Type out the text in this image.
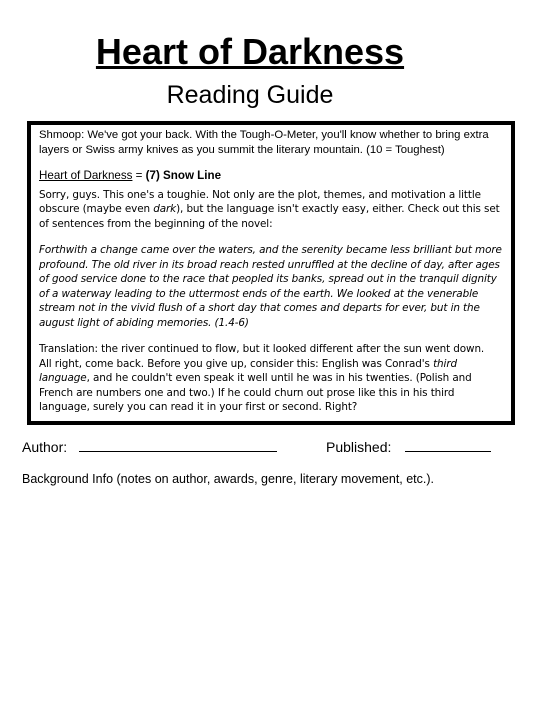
Heart of Darkness
Reading Guide

Shmoop: We've got your back. With the Tough-O-Meter, you'll know whether to bring extra layers or Swiss army knives as you summit the literary mountain. (10 = Toughest)

Heart of Darkness = (7) Snow Line

Sorry, guys. This one's a toughie. Not only are the plot, themes, and motivation a little obscure (maybe even dark), but the language isn't exactly easy, either. Check out this set of sentences from the beginning of the novel:

Forthwith a change came over the waters, and the serenity became less brilliant but more profound. The old river in its broad reach rested unruffled at the decline of day, after ages of good service done to the race that peopled its banks, spread out in the tranquil dignity of a waterway leading to the uttermost ends of the earth. We looked at the venerable stream not in the vivid flush of a short day that comes and departs for ever, but in the august light of abiding memories. (1.4-6)

Translation: the river continued to flow, but it looked different after the sun went down.

All right, come back. Before you give up, consider this: English was Conrad's third language, and he couldn't even speak it well until he was in his twenties. (Polish and French are numbers one and two.) If he could churn out prose like this in his third language, surely you can read it in your first or second. Right?

Author:	Published:
Background Info (notes on author, awards, genre, literary movement, etc.).
